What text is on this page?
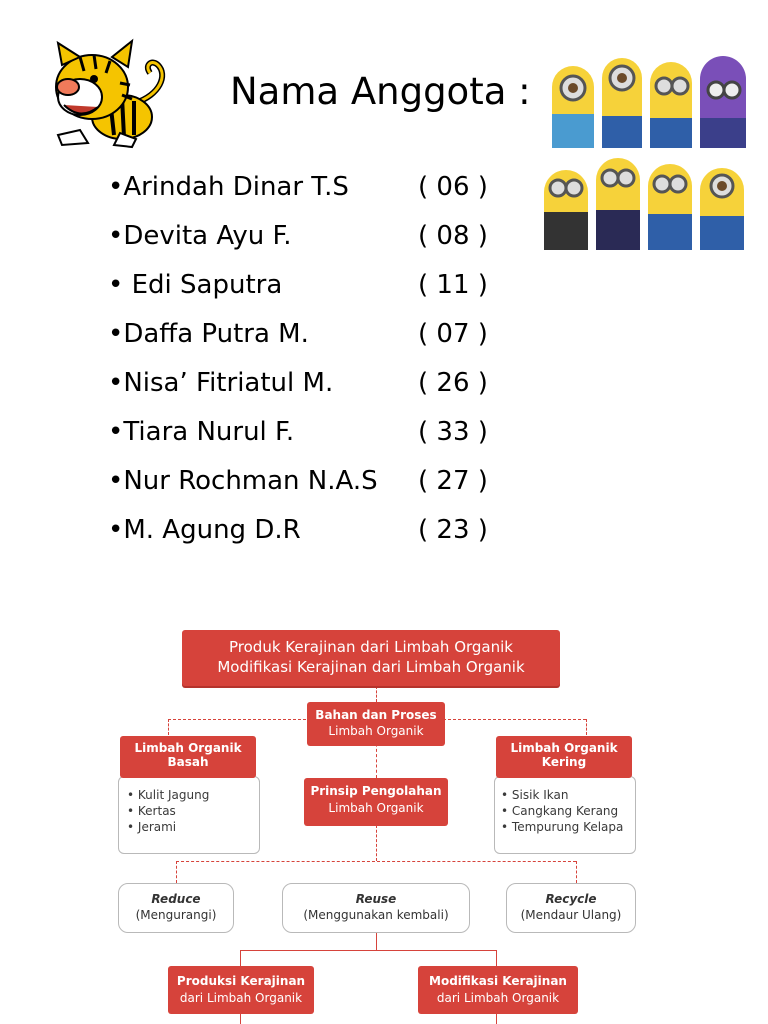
Nama Anggota :
•Arindah Dinar T.S	( 06 )
•Devita Ayu F.	( 08 )
• Edi Saputra	( 11 )
•Daffa Putra M.	( 07 )
•Nisa’ Fitriatul M.	( 26 )
•Tiara Nurul F.	( 33 )
•Nur Rochman N.A.S ( 27 )
•M. Agung D.R	( 23 )
Produk Kerajinan dari Limbah Organik
Modifikasi Kerajinan dari Limbah Organik
Bahan dan Proses
Limbah Organik
• Kulit Jagung
• Kertas
• Jerami
Limbah Organik
Basah
• Sisik Ikan
• Cangkang Kerang
• Tempurung Kelapa
Limbah Organik
Kering
Prinsip Pengolahan
Limbah Organik
Reduce
(Mengurangi)
Reuse
(Menggunakan kembali)
Recycle
(Mendaur Ulang)
Produksi Kerajinan
dari Limbah Organik
Modifikasi Kerajinan
dari Limbah Organik
